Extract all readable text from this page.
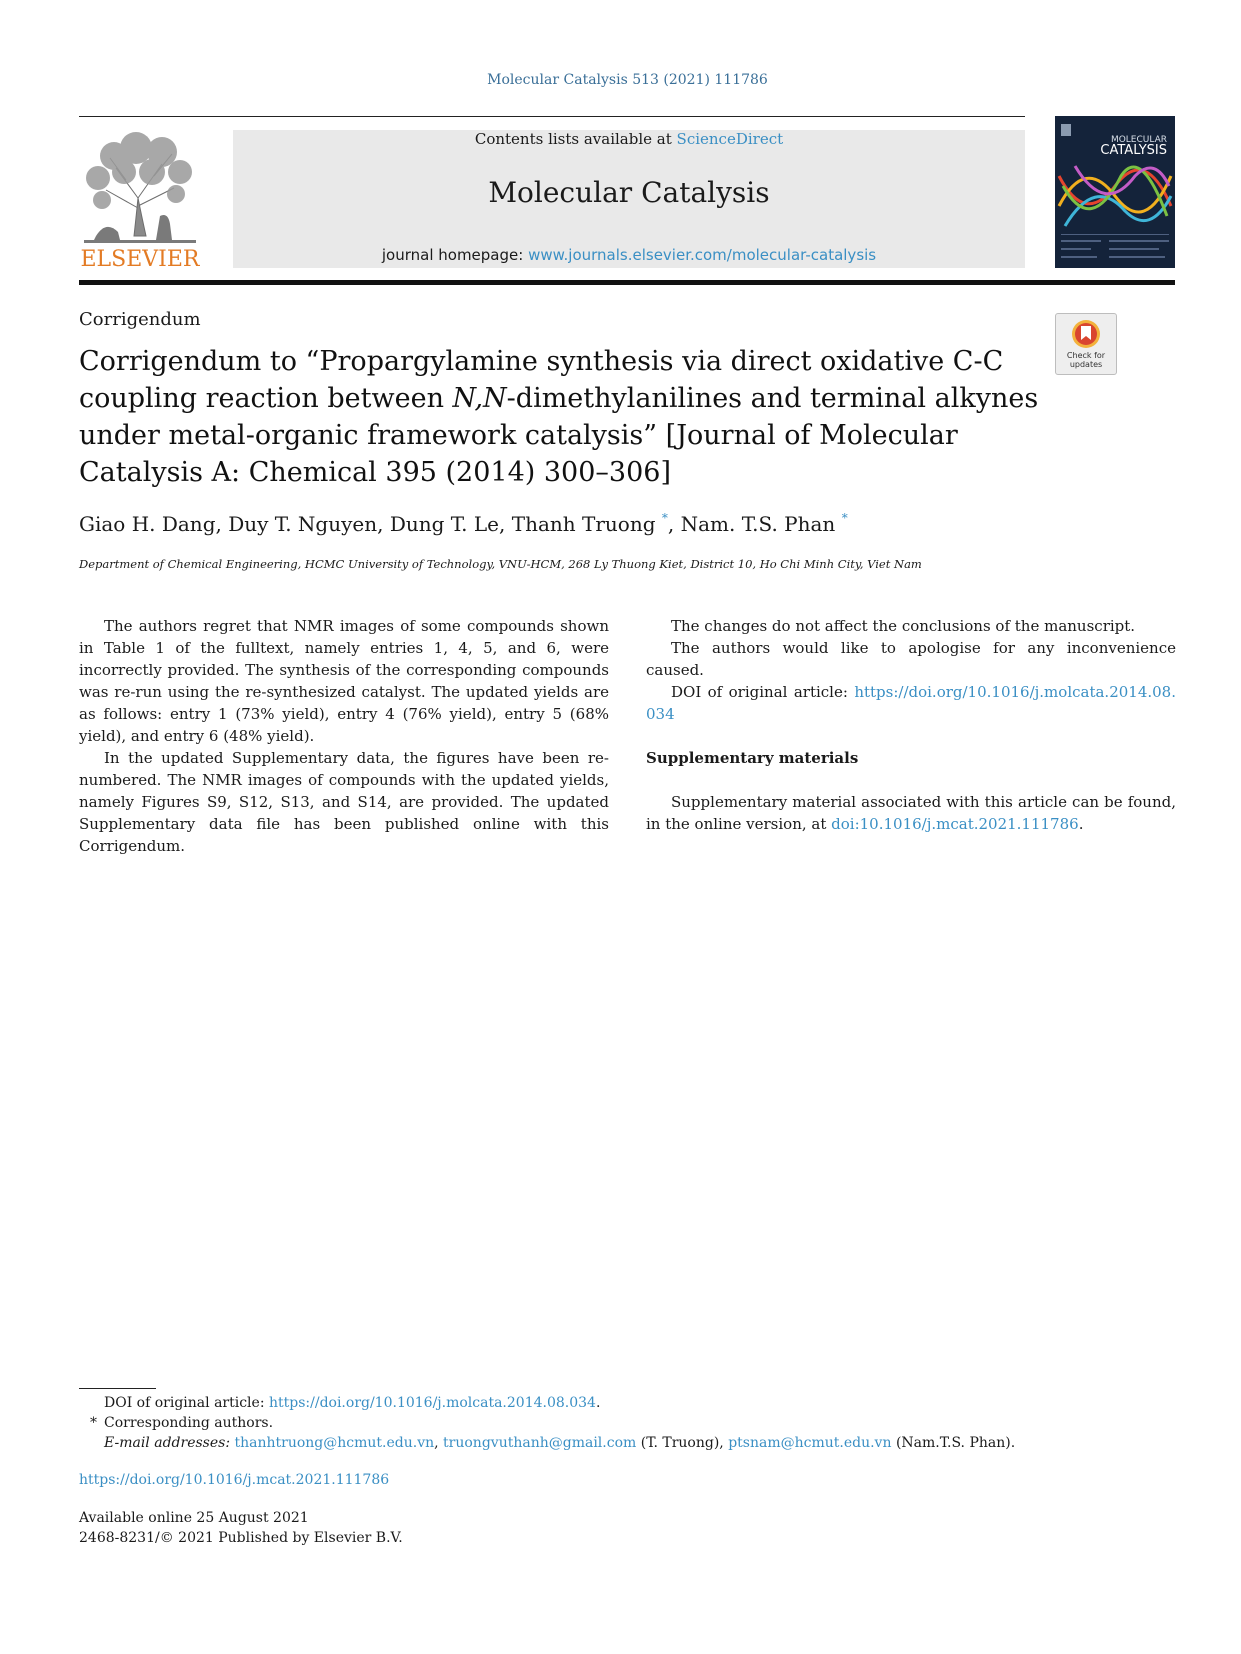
Molecular Catalysis 513 (2021) 111786
ELSEVIER
Contents lists available at ScienceDirect
Molecular Catalysis
journal homepage: www.journals.elsevier.com/molecular-catalysis
MOLECULAR
CATALYSIS
Corrigendum
Check for
updates
Corrigendum to “Propargylamine synthesis via direct oxidative C-C coupling reaction between N,N-dimethylanilines and terminal alkynes under metal-organic framework catalysis” [Journal of Molecular Catalysis A: Chemical 395 (2014) 300–306]
Giao H. Dang, Duy T. Nguyen, Dung T. Le, Thanh Truong *, Nam. T.S. Phan *
Department of Chemical Engineering, HCMC University of Technology, VNU-HCM, 268 Ly Thuong Kiet, District 10, Ho Chi Minh City, Viet Nam

The authors regret that NMR images of some compounds shown in Table 1 of the fulltext, namely entries 1, 4, 5, and 6, were incorrectly provided. The synthesis of the corresponding compounds was re-run using the re-synthesized catalyst. The updated yields are as follows: entry 1 (73% yield), entry 4 (76% yield), entry 5 (68% yield), and entry 6 (48% yield).

In the updated Supplementary data, the figures have been re-numbered. The NMR images of compounds with the updated yields, namely Figures S9, S12, S13, and S14, are provided. The updated Supplementary data file has been published online with this Corrigendum.

The changes do not affect the conclusions of the manuscript.

The authors would like to apologise for any inconvenience caused.

DOI of original article: https://doi.org/10.1016/j.molcata.2014.08.034

Supplementary materials

Supplementary material associated with this article can be found, in the online version, at doi:10.1016/j.mcat.2021.111786.

DOI of original article: https://doi.org/10.1016/j.molcata.2014.08.034.
* Corresponding authors.
E-mail addresses: thanhtruong@hcmut.edu.vn, truongvuthanh@gmail.com (T. Truong), ptsnam@hcmut.edu.vn (Nam.T.S. Phan).
https://doi.org/10.1016/j.mcat.2021.111786
Available online 25 August 2021
2468-8231/© 2021 Published by Elsevier B.V.
